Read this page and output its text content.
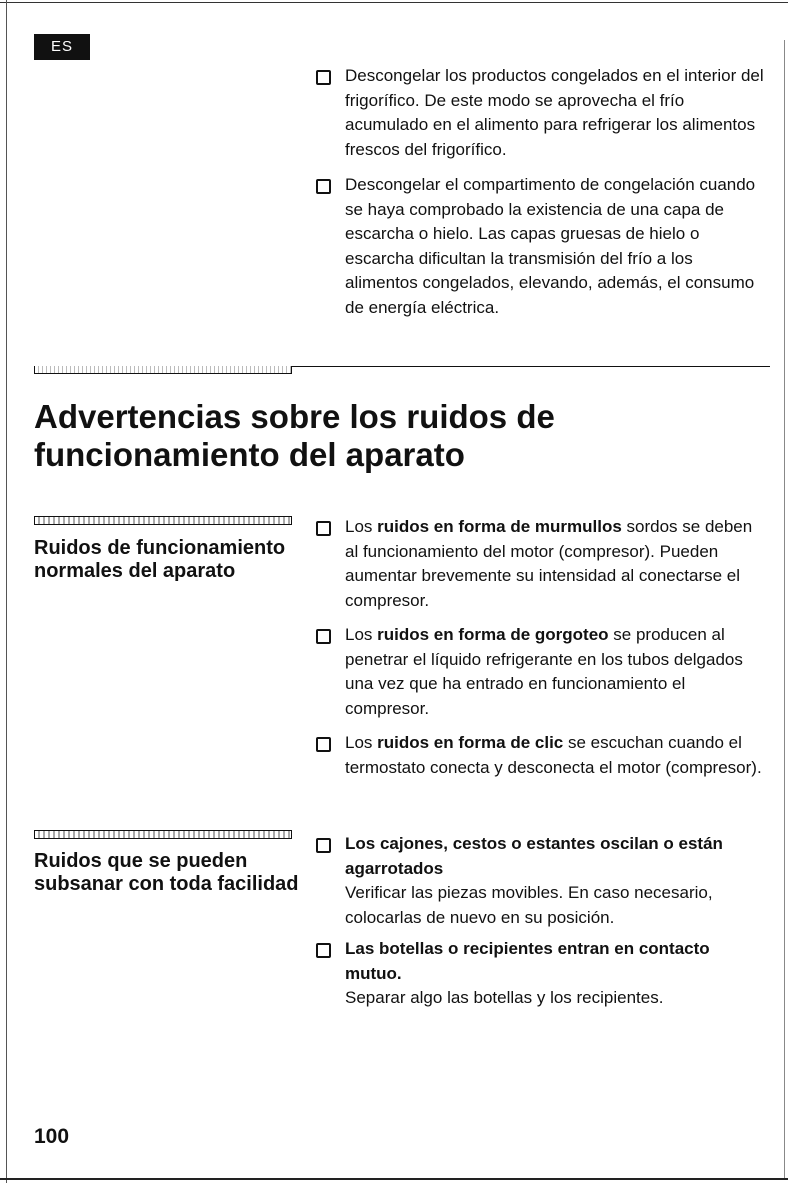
ES
Descongelar los productos congelados en el interior del frigorífico. De este modo se aprovecha el frío acumulado en el alimento para refrigerar los alimentos frescos del frigorífico.
Descongelar el compartimento de congelación cuando se haya comprobado la existencia de una capa de escarcha o hielo. Las capas gruesas de hielo o escarcha dificultan la transmisión del frío a los alimentos congelados, elevando, además, el consumo de energía eléctrica.
Advertencias sobre los ruidos de funcionamiento del aparato
Ruidos de funcionamiento normales del aparato
Los ruidos en forma de murmullos sordos se deben al funcionamiento del motor (compresor). Pueden aumentar brevemente su intensidad al conectarse el compresor.
Los ruidos en forma de gorgoteo se producen al penetrar el líquido refrigerante en los tubos delgados una vez que ha entrado en funcionamiento el compresor.
Los ruidos en forma de clic se escuchan cuando el termostato conecta y desconecta el motor (compresor).
Ruidos que se pueden subsanar con toda facilidad
Los cajones, cestos o estantes oscilan o están agarrotados
Verificar las piezas movibles. En caso necesario, colocarlas de nuevo en su posición.
Las botellas o recipientes entran en contacto mutuo.
Separar algo las botellas y los recipientes.
100
